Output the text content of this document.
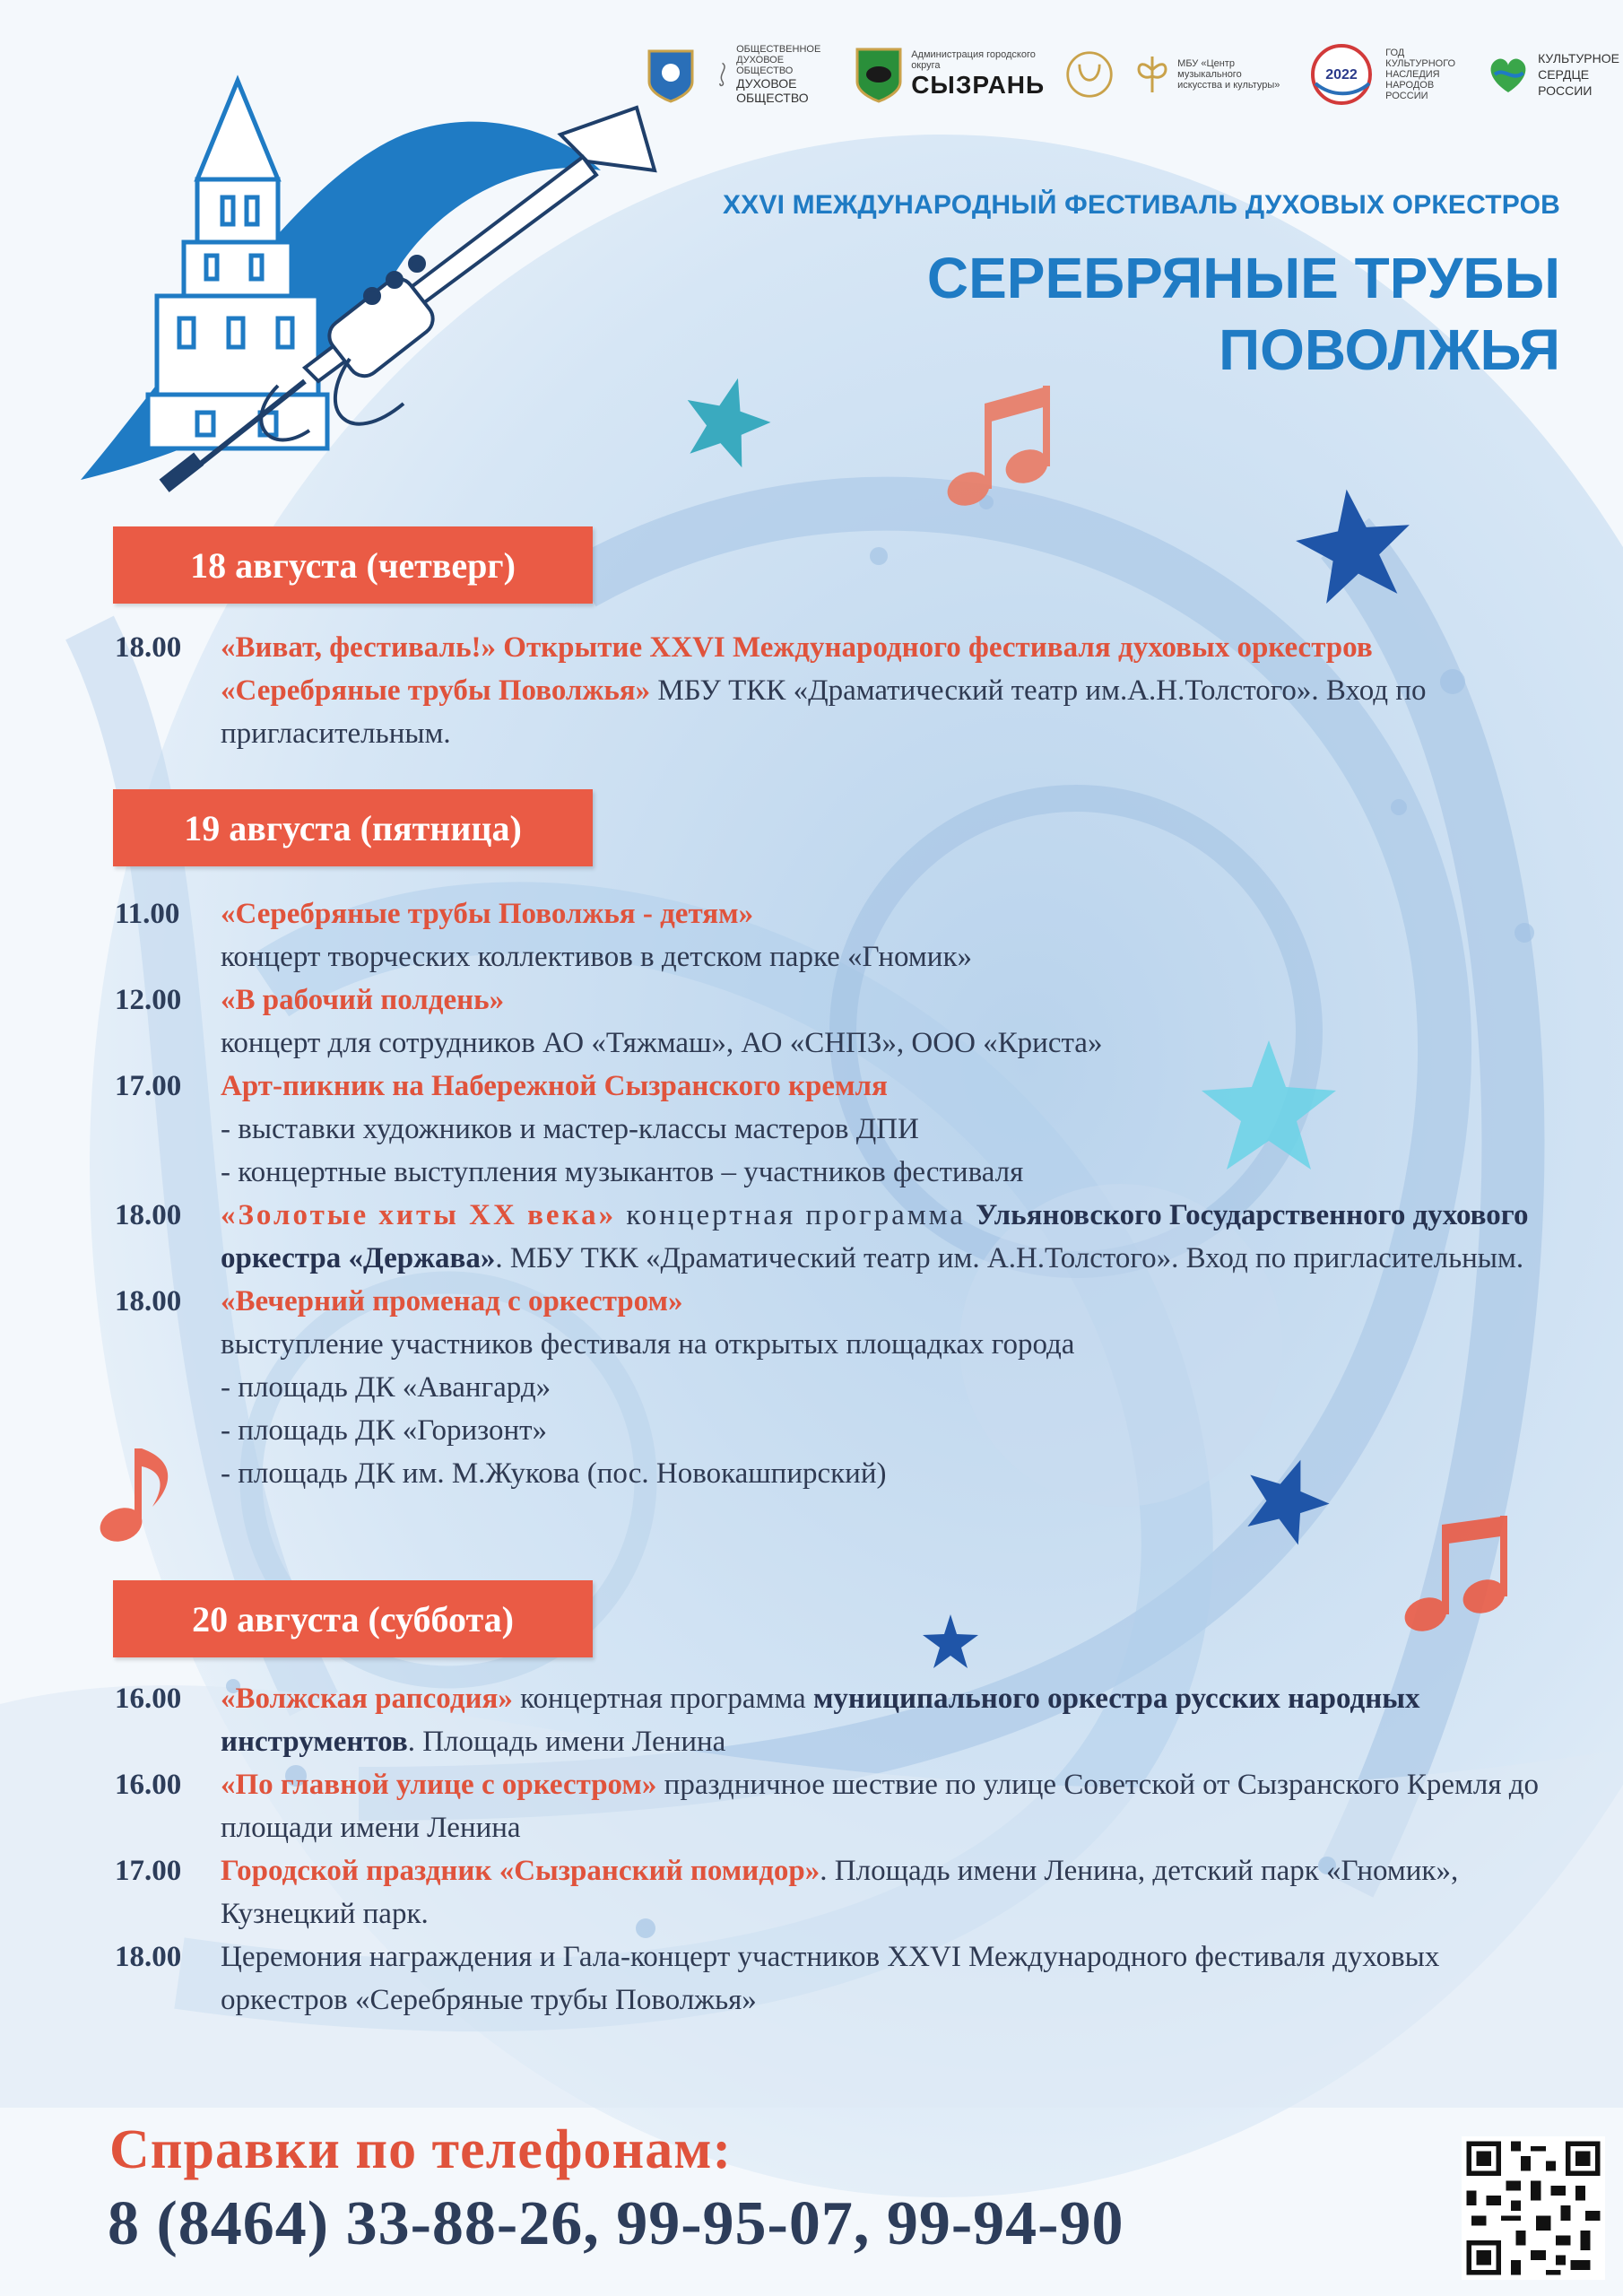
ОБЩЕСТВЕННОЕ ДУХОВОЕ ОБЩЕСТВО
ДУХОВОЕ ОБЩЕСТВО
Администрация городского округа
СЫЗРАНЬ
МБУ «Центр музыкального искусства и культуры»
2022
ГОД КУЛЬТУРНОГО НАСЛЕДИЯ НАРОДОВ РОССИИ
КУЛЬТУРНОЕ
СЕРДЦЕ РОССИИ
XXVI МЕЖДУНАРОДНЫЙ ФЕСТИВАЛЬ ДУХОВЫХ ОРКЕСТРОВ
СЕРЕБРЯНЫЕ ТРУБЫ
ПОВОЛЖЬЯ
18 августа (четверг)
18.00	«Виват, фестиваль!» Открытие XXVI Международного фестиваля духовых оркестров «Серебряные трубы Поволжья» МБУ ТКК «Драматический театр им.А.Н.Толстого». Вход по пригласительным.
19 августа (пятница)
11.00	«Серебряные трубы Поволжья - детям»
концерт творческих коллективов в детском парке «Гномик»
12.00	«В рабочий полдень»
концерт для сотрудников АО «Тяжмаш», АО «СНПЗ», ООО «Криста»
17.00	Арт-пикник на Набережной Сызранского кремля
- выставки художников и мастер-классы мастеров ДПИ
- концертные выступления музыкантов – участников фестиваля
18.00	«Золотые хиты XX века» концертная программа Ульяновского Государственного духового оркестра «Держава». МБУ ТКК «Драматический театр им. А.Н.Толстого». Вход по пригласительным.
18.00	«Вечерний променад с оркестром»
выступление участников фестиваля на открытых площадках города
- площадь ДК «Авангард»
- площадь ДК «Горизонт»
- площадь ДК им. М.Жукова (пос. Новокашпирский)
20 августа (суббота)
16.00	«Волжская рапсодия» концертная программа муниципального оркестра русских народных инструментов. Площадь имени Ленина
16.00	«По главной улице с оркестром» праздничное шествие по улице Советской от Сызранского Кремля до площади имени Ленина
17.00	Городской праздник «Сызранский помидор». Площадь имени Ленина, детский парк «Гномик», Кузнецкий парк.
18.00	Церемония награждения и Гала-концерт участников XXVI Международного фестиваля духовых оркестров «Серебряные трубы Поволжья»
Справки по телефонам:
8 (8464) 33-88-26, 99-95-07, 99-94-90
